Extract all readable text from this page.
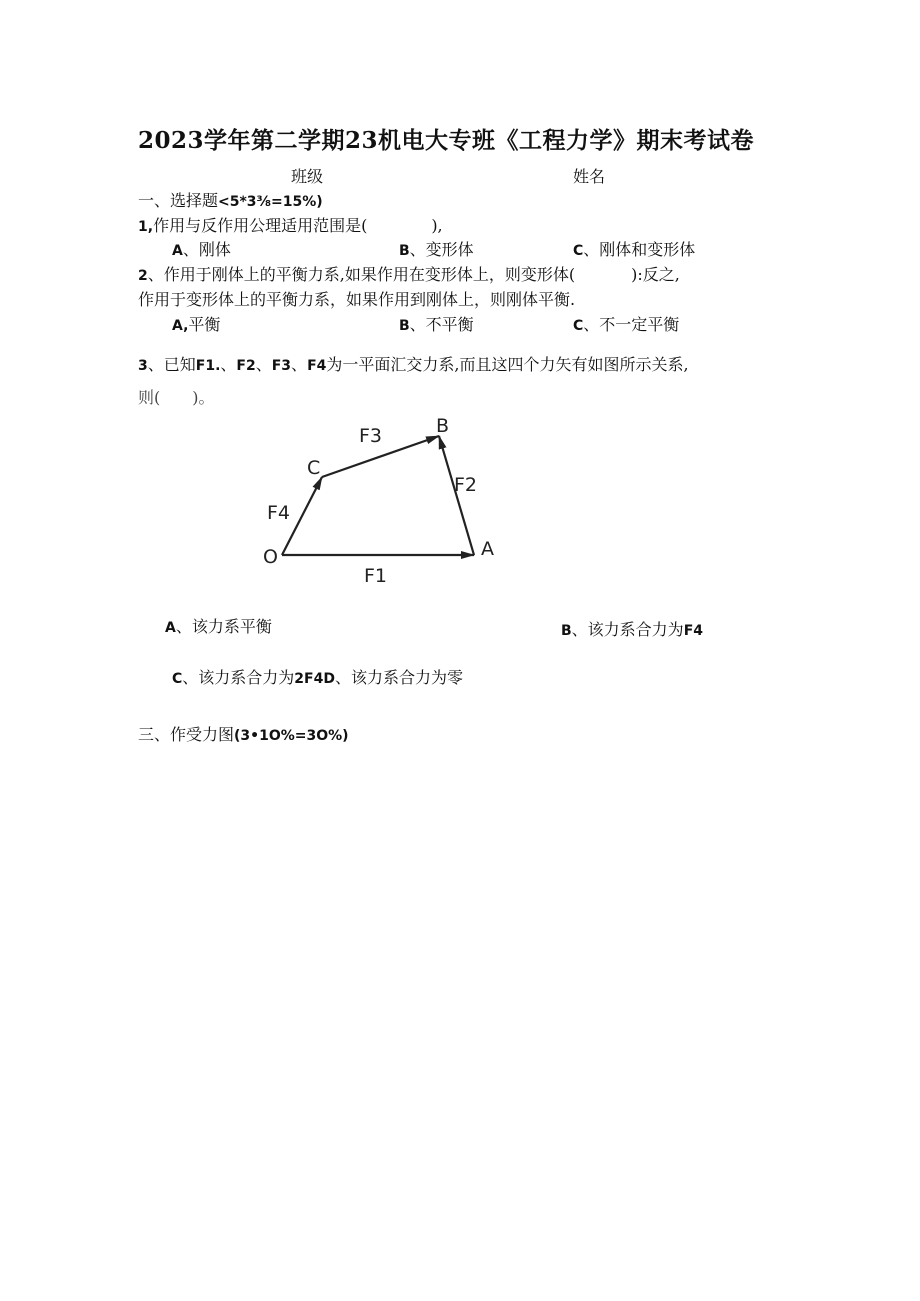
2023学年第二学期23机电大专班《工程力学》期末考试卷
班级	姓名
一、选择题<5*3⅜=15%)
1,作用与反作用公理适用范围是(	),
A、刚体	B、变形体	C、刚体和变形体
2、作用于刚体上的平衡力系,如果作用在变形体上，则变形体(	):反之,
作用于变形体上的平衡力系，如果作用到刚体上，则刚体平衡.
A,平衡	B、不平衡	C、不一定平衡
3、已知F1.、F2、F3、F4为一平面汇交力系,而且这四个力矢有如图所示关系,
则(　　)。
O	A
B
C
F1
F2
F3
F4
A、该力系平衡	B、该力系合力为F4
C、该力系合力为2F4D、该力系合力为零
三、作受力图(3•1O%=3O%)
